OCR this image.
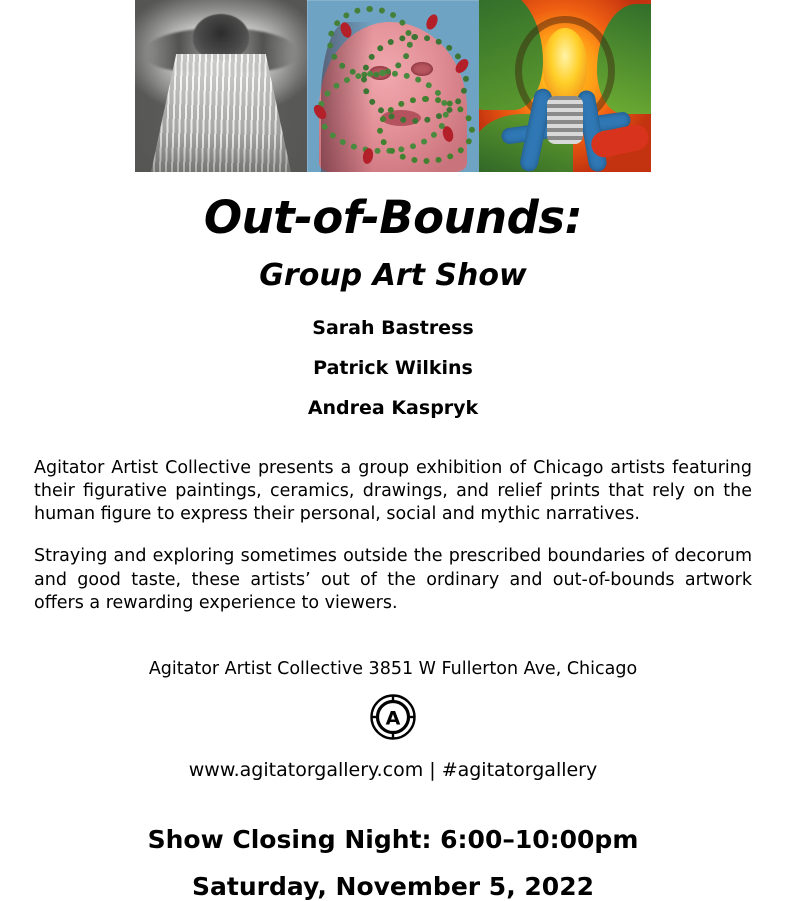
Out-of-Bounds:
Group Art Show
Sarah Bastress
Patrick Wilkins
Andrea Kaspryk

Agitator Artist Collective presents a group exhibition of Chicago artists featuring their figurative paintings, ceramics, drawings, and relief prints that rely on the human figure to express their personal, social and mythic narratives.

Straying and exploring sometimes outside the prescribed boundaries of decorum and good taste, these artists’ out of the ordinary and out-of-bounds artwork offers a rewarding experience to viewers.

Agitator Artist Collective 3851 W Fullerton Ave, Chicago
A
www.agitatorgallery.com | #agitatorgallery
Show Closing Night: 6:00–10:00pm
Saturday, November 5, 2022
